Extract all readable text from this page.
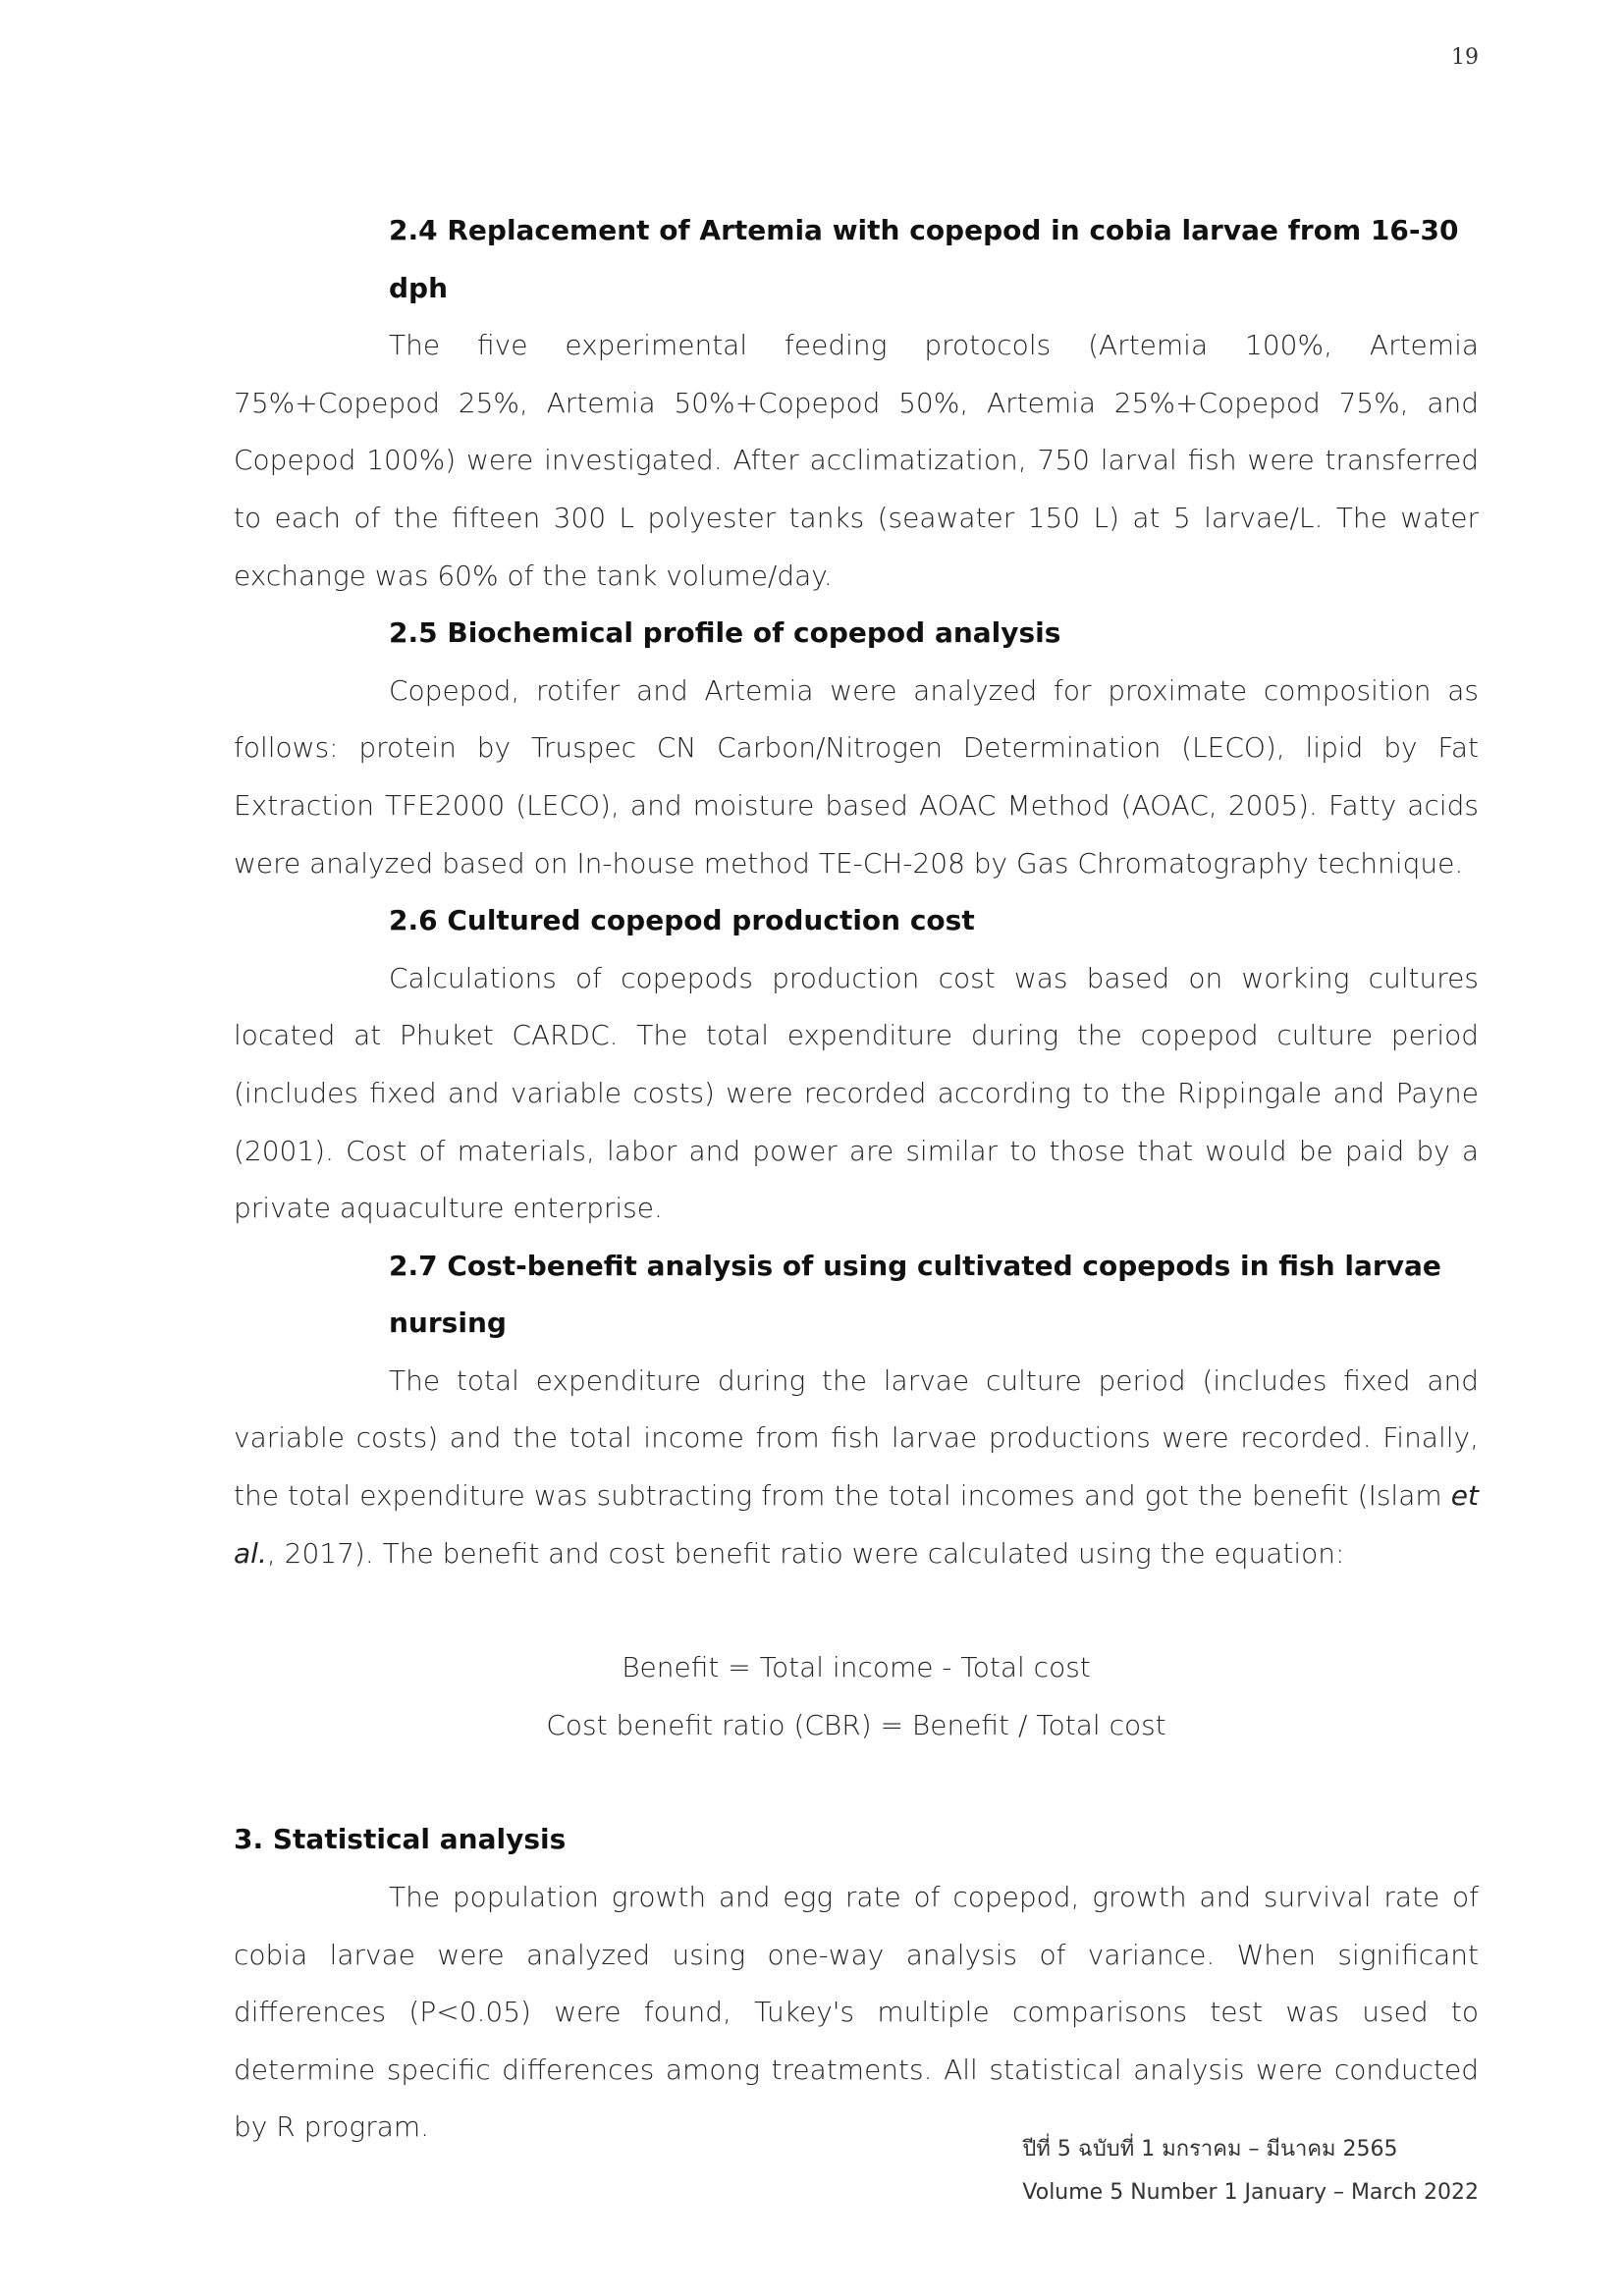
19
2.4 Replacement of Artemia with copepod in cobia larvae from 16-30 dph

The five experimental feeding protocols (Artemia 100%, Artemia 75%+Copepod 25%, Artemia 50%+Copepod 50%, Artemia 25%+Copepod 75%, and Copepod 100%) were investigated. After acclimatization, 750 larval fish were transferred to each of the fifteen 300 L polyester tanks (seawater 150 L) at 5 larvae/L. The water exchange was 60% of the tank volume/day.

2.5 Biochemical profile of copepod analysis

Copepod, rotifer and Artemia were analyzed for proximate composition as follows: protein by Truspec CN Carbon/Nitrogen Determination (LECO), lipid by Fat Extraction TFE2000 (LECO), and moisture based AOAC Method (AOAC, 2005). Fatty acids were analyzed based on In-house method TE-CH-208 by Gas Chromatography technique.

2.6 Cultured copepod production cost

Calculations of copepods production cost was based on working cultures located at Phuket CARDC. The total expenditure during the copepod culture period (includes fixed and variable costs) were recorded according to the Rippingale and Payne (2001). Cost of materials, labor and power are similar to those that would be paid by a private aquaculture enterprise.

2.7 Cost-benefit analysis of using cultivated copepods in fish larvae nursing

The total expenditure during the larvae culture period (includes fixed and variable costs) and the total income from fish larvae productions were recorded. Finally, the total expenditure was subtracting from the total incomes and got the benefit (Islam et al., 2017). The benefit and cost benefit ratio were calculated using the equation:

Benefit = Total income - Total cost
Cost benefit ratio (CBR) = Benefit / Total cost
3. Statistical analysis

The population growth and egg rate of copepod, growth and survival rate of cobia larvae were analyzed using one-way analysis of variance. When significant differences (P<0.05) were found, Tukey's multiple comparisons test was used to determine specific differences among treatments. All statistical analysis were conducted by R program.

ปีที่ 5 ฉบับที่ 1 มกราคม – มีนาคม 2565
Volume 5 Number 1 January – March 2022
